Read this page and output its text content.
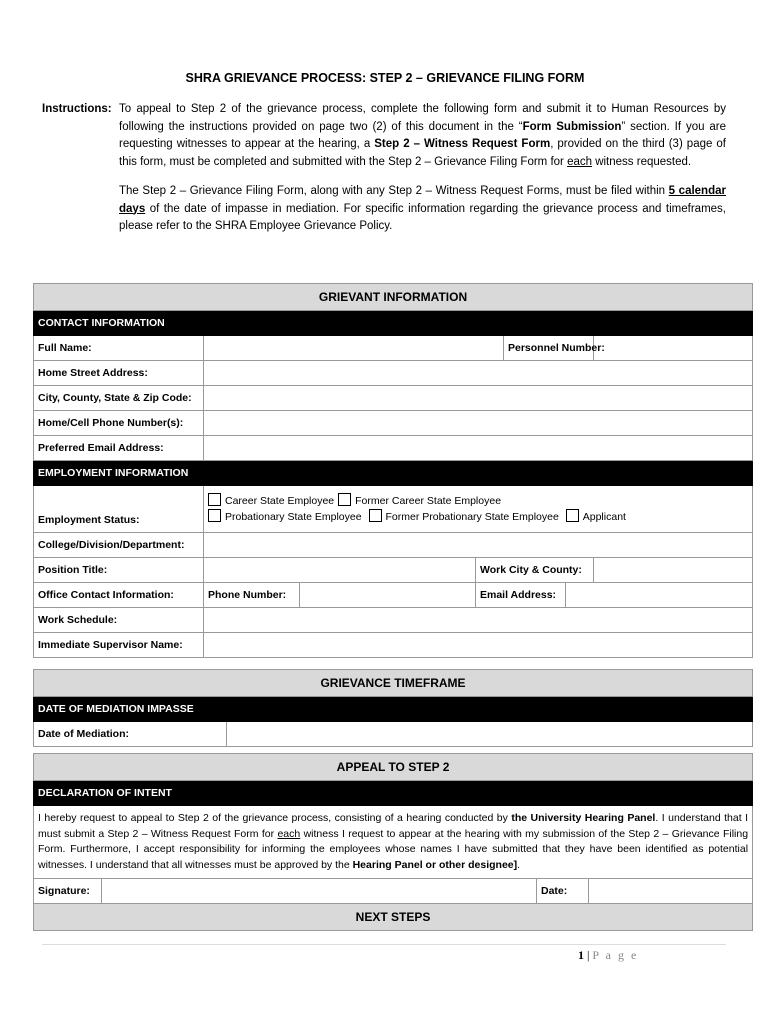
SHRA GRIEVANCE PROCESS: STEP 2 – GRIEVANCE FILING FORM
Instructions: To appeal to Step 2 of the grievance process, complete the following form and submit it to Human Resources by following the instructions provided on page two (2) of this document in the “Form Submission” section. If you are requesting witnesses to appear at the hearing, a Step 2 – Witness Request Form, provided on the third (3) page of this form, must be completed and submitted with the Step 2 – Grievance Filing Form for each witness requested.

The Step 2 – Grievance Filing Form, along with any Step 2 – Witness Request Forms, must be filed within 5 calendar days of the date of impasse in mediation. For specific information regarding the grievance process and timeframes, please refer to the SHRA Employee Grievance Policy.

GRIEVANT INFORMATION						
CONTACT INFORMATION						
Full Name:				Personnel Number:		
Home Street Address:						
City, County, State & Zip Code:						
Home/Cell Phone Number(s):						
Preferred Email Address:						
EMPLOYMENT INFORMATION						
Employment Status:	Career State Employee Former Career State Employee
Probationary State Employee Former Probationary State Employee Applicant					

College/Division/Department:						
Position Title:			Work City & County:			
Office Contact Information:	Phone Number:		Email Address:			
Work Schedule:						
Immediate Supervisor Name:						
GRIEVANCE TIMEFRAME
DATE OF MEDIATION IMPASSE
Date of Mediation:	
APPEAL TO STEP 2
DECLARATION OF INTENT
I hereby request to appeal to Step 2 of the grievance process, consisting of a hearing conducted by the University Hearing Panel. I understand that I must submit a Step 2 – Witness Request Form for each witness I request to appear at the hearing with my submission of the Step 2 – Grievance Filing Form. Furthermore, I accept responsibility for informing the employees whose names I have submitted that they have been identified as potential witnesses. I understand that all witnesses must be approved by the Hearing Panel or other designee].
Signature:		Date:	
NEXT STEPS
1 | P a g e
